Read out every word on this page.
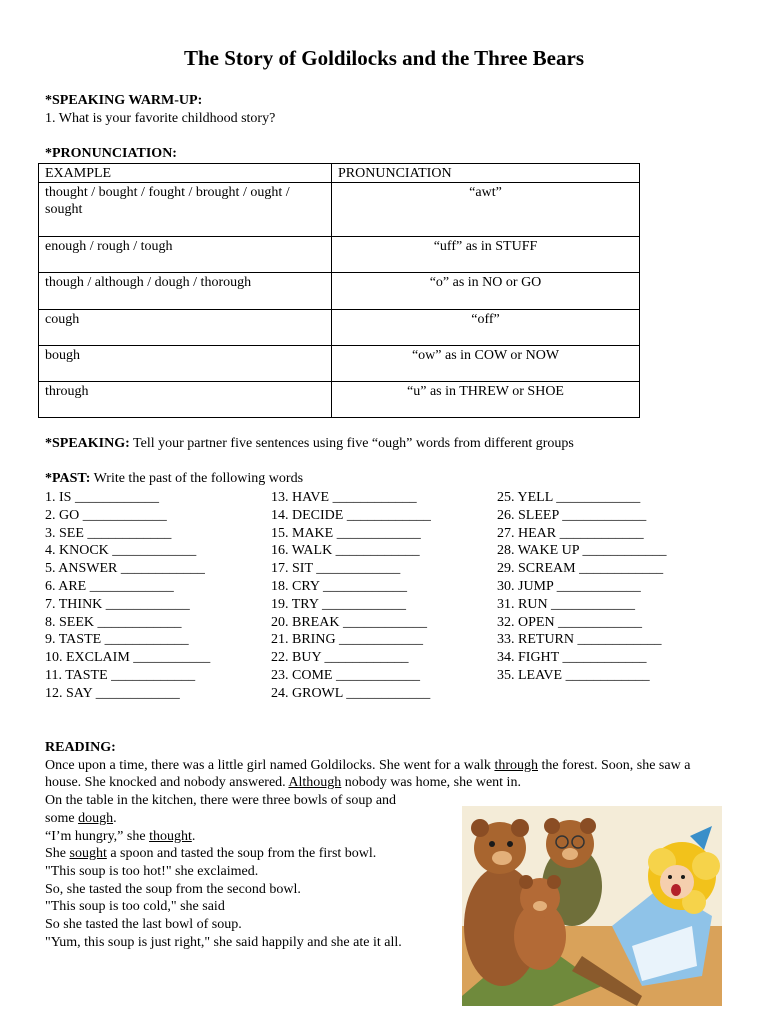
The Story of Goldilocks and the Three Bears
*SPEAKING WARM-UP:
1. What is your favorite childhood story?
*PRONUNCIATION:
EXAMPLE	PRONUNCIATION
thought / bought / fought / brought / ought / sought	“awt”
enough / rough / tough	“uff” as in STUFF
though / although / dough / thorough	“o” as in NO or GO
cough	“off”
bough	“ow” as in COW or NOW
through	“u” as in THREW or SHOE
*SPEAKING: Tell your partner five sentences using five “ough” words from different groups
*PAST: Write the past of the following words
1. IS ____________
2. GO ____________
3. SEE ____________
4. KNOCK ____________
5. ANSWER ____________
6. ARE ____________
7. THINK ____________
8. SEEK ____________
9. TASTE ____________
10. EXCLAIM ___________
11. TASTE ____________
12. SAY ____________
13. HAVE ____________
14. DECIDE ____________
15. MAKE ____________
16. WALK ____________
17. SIT ____________
18. CRY ____________
19. TRY ____________
20. BREAK ____________
21. BRING ____________
22. BUY ____________
23. COME ____________
24. GROWL ____________
25. YELL ____________
26. SLEEP ____________
27. HEAR ____________
28. WAKE UP ____________
29. SCREAM ____________
30. JUMP ____________
31. RUN ____________
32. OPEN ____________
33. RETURN ____________
34. FIGHT ____________
35. LEAVE ____________

READING:

Once upon a time, there was a little girl named Goldilocks. She went for a walk through the forest. Soon, she saw a house. She knocked and nobody answered. Although nobody was home, she went in.

On the table in the kitchen, there were three bowls of soup and

some dough.

“I’m hungry,” she thought.

She sought a spoon and tasted the soup from the first bowl.

"This soup is too hot!" she exclaimed.

So, she tasted the soup from the second bowl.

"This soup is too cold," she said

So she tasted the last bowl of soup.

"Yum, this soup is just right," she said happily and she ate it all.
